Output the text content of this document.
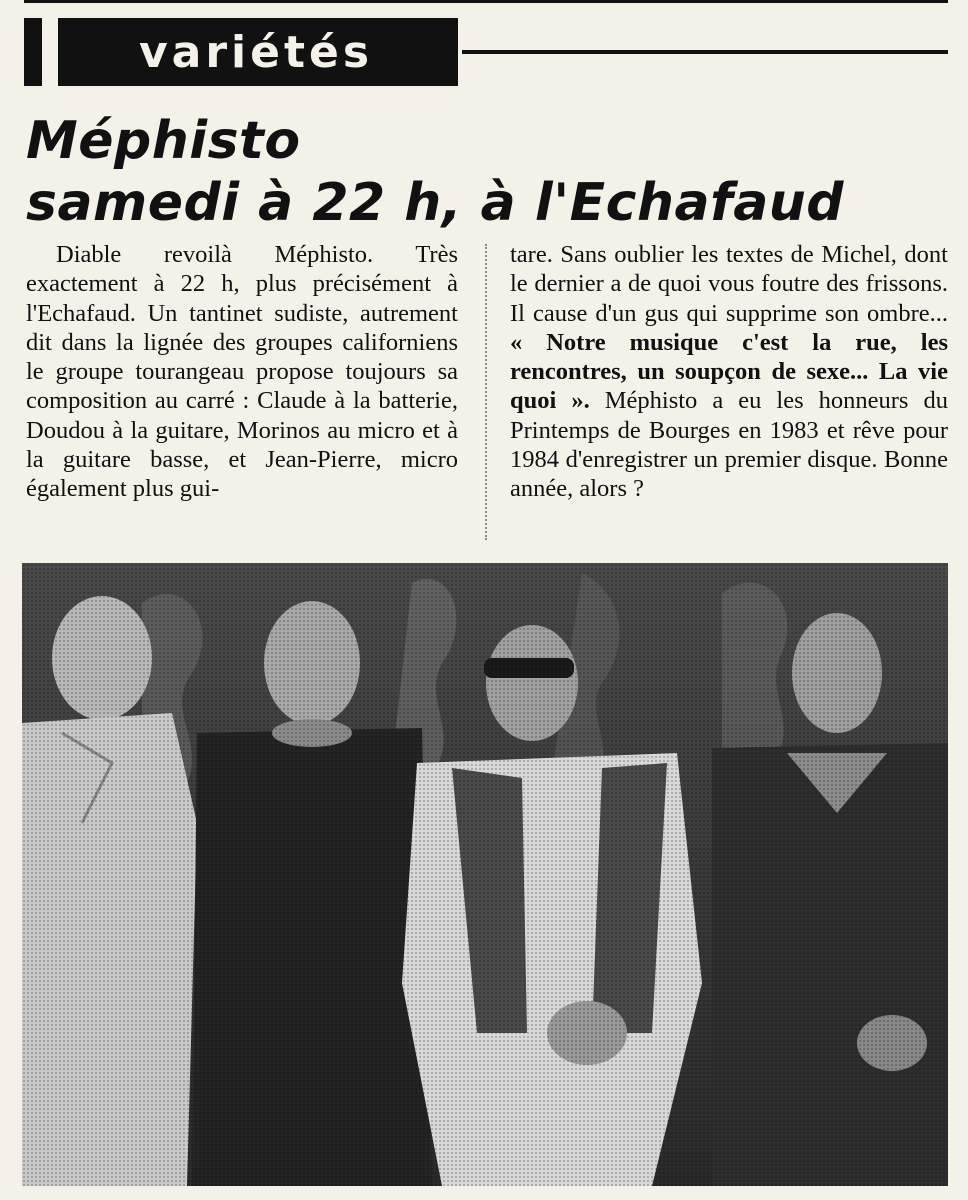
variétés
Méphisto
samedi à 22 h, à l'Echafaud
Diable revoilà Méphisto. Très exactement à 22 h, plus précisément à l'Echafaud. Un tantinet sudiste, autrement dit dans la lignée des groupes californiens le groupe tourangeau propose toujours sa composition au carré : Claude à la batterie, Doudou à la guitare, Morinos au micro et à la guitare basse, et Jean-Pierre, micro également plus gui-
tare. Sans oublier les textes de Michel, dont le dernier a de quoi vous foutre des frissons. Il cause d'un gus qui supprime son ombre... « Notre musique c'est la rue, les rencontres, un soupçon de sexe... La vie quoi ». Méphisto a eu les honneurs du Printemps de Bourges en 1983 et rêve pour 1984 d'enregistrer un premier disque. Bonne année, alors ?
